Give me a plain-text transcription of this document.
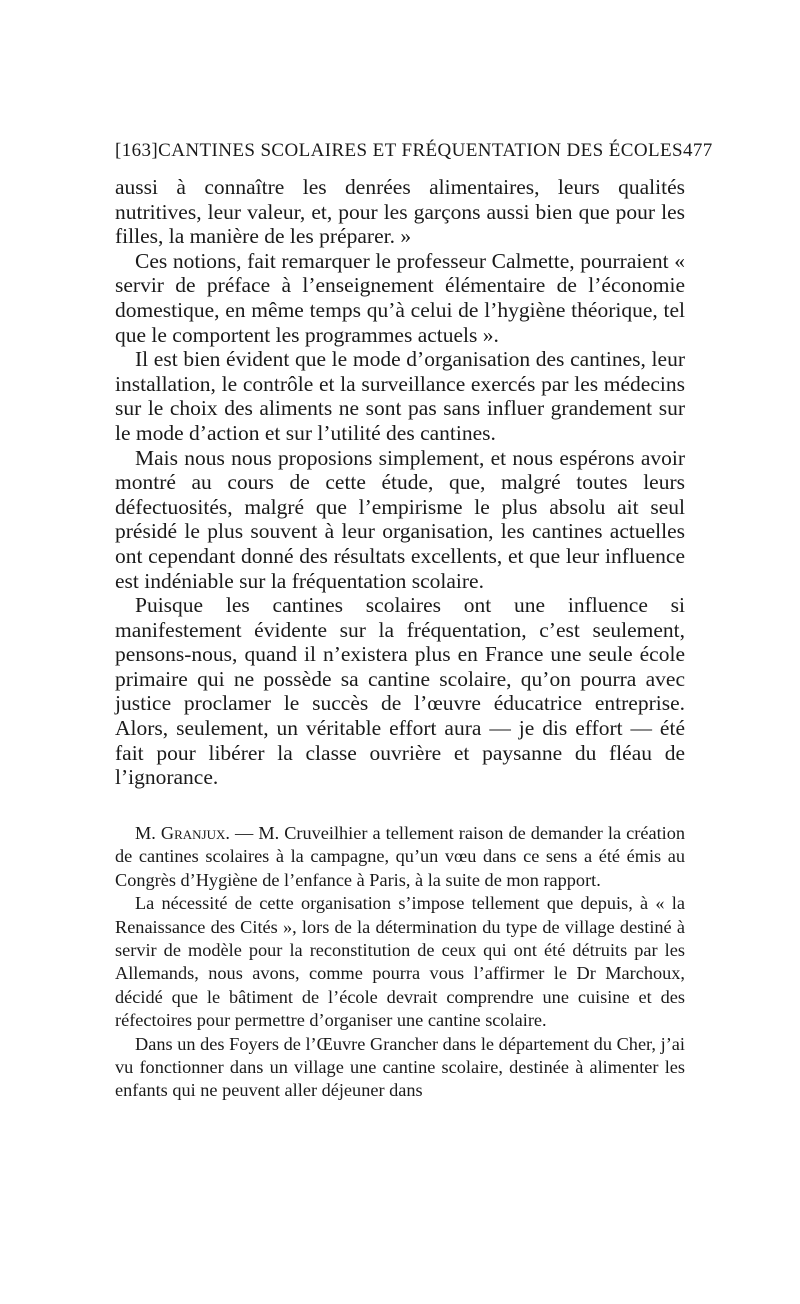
[163] CANTINES SCOLAIRES ET FRÉQUENTATION DES ÉCOLES 477

aussi à connaître les denrées alimentaires, leurs qualités nutritives, leur valeur, et, pour les garçons aussi bien que pour les filles, la manière de les préparer. »

Ces notions, fait remarquer le professeur Calmette, pourraient « servir de préface à l’enseignement élémentaire de l’économie domestique, en même temps qu’à celui de l’hygiène théorique, tel que le comportent les programmes actuels ».

Il est bien évident que le mode d’organisation des cantines, leur installation, le contrôle et la surveillance exercés par les médecins sur le choix des aliments ne sont pas sans influer grandement sur le mode d’action et sur l’utilité des cantines.

Mais nous nous proposions simplement, et nous espérons avoir montré au cours de cette étude, que, malgré toutes leurs défectuosités, malgré que l’empirisme le plus absolu ait seul présidé le plus souvent à leur organisation, les cantines actuelles ont cependant donné des résultats excellents, et que leur influence est indéniable sur la fréquentation scolaire.

Puisque les cantines scolaires ont une influence si manifestement évidente sur la fréquentation, c’est seulement, pensons-nous, quand il n’existera plus en France une seule école primaire qui ne possède sa cantine scolaire, qu’on pourra avec justice proclamer le succès de l’œuvre éducatrice entreprise. Alors, seulement, un véritable effort aura — je dis effort — été fait pour libérer la classe ouvrière et paysanne du fléau de l’ignorance.

M. Granjux. — M. Cruveilhier a tellement raison de demander la création de cantines scolaires à la campagne, qu’un vœu dans ce sens a été émis au Congrès d’Hygiène de l’enfance à Paris, à la suite de mon rapport.

La nécessité de cette organisation s’impose tellement que depuis, à « la Renaissance des Cités », lors de la détermination du type de village destiné à servir de modèle pour la reconstitution de ceux qui ont été détruits par les Allemands, nous avons, comme pourra vous l’affirmer le Dr Marchoux, décidé que le bâtiment de l’école devrait comprendre une cuisine et des réfectoires pour permettre d’organiser une cantine scolaire.

Dans un des Foyers de l’Œuvre Grancher dans le département du Cher, j’ai vu fonctionner dans un village une cantine scolaire, destinée à alimenter les enfants qui ne peuvent aller déjeuner dans
